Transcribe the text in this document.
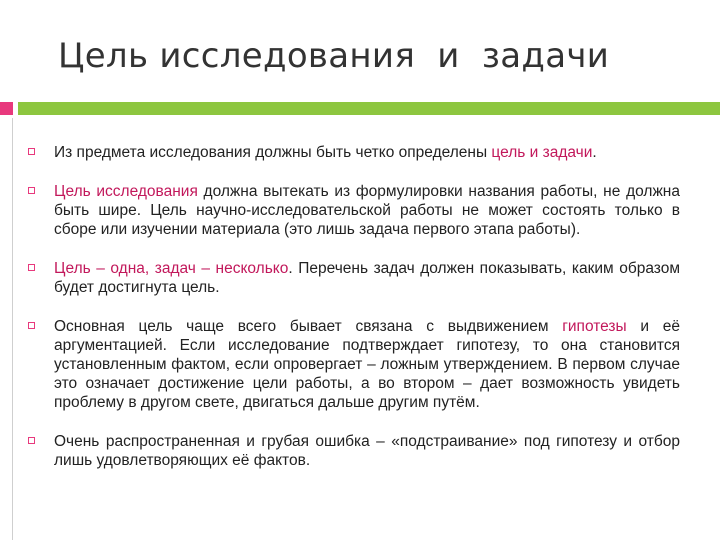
Цель исследования  и  задачи

Из предмета исследования должны быть четко определены цель и задачи.

Цель исследования должна вытекать из формулировки названия работы, не должна быть шире. Цель научно-исследовательской работы не может состоять только в сборе или изучении материала (это лишь задача первого этапа работы).

Цель – одна, задач – несколько. Перечень задач должен показывать, каким образом будет достигнута цель.

Основная цель чаще всего бывает связана с выдвижением гипотезы и её аргументацией. Если исследование подтверждает гипотезу, то она становится установленным фактом, если опровергает – ложным утверждением. В первом случае это означает достижение цели работы, а во втором – дает возможность увидеть проблему в другом свете, двигаться дальше другим путём.

Очень распространенная и грубая ошибка – «подстраивание» под гипотезу и отбор лишь удовлетворяющих её фактов.
